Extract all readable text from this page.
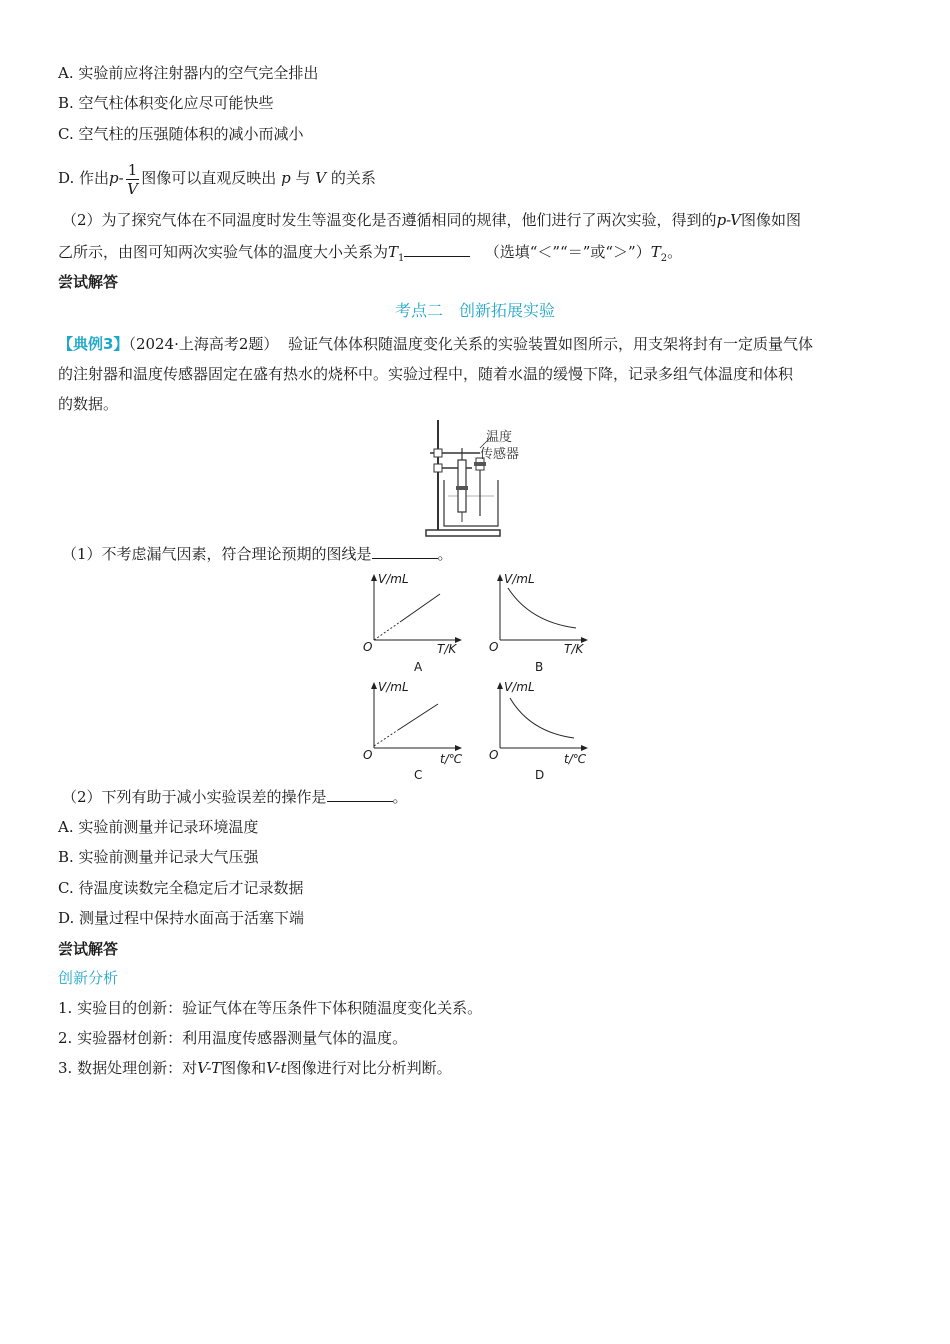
A. 实验前应将注射器内的空气完全排出
B. 空气柱体积变化应尽可能快些
C. 空气柱的压强随体积的减小而减小
D. 作出$p- \frac{1}{V}$ 图像可以直观反映出 p 与 V 的关系
（2）为了探究气体在不同温度时发生等温变化是否遵循相同的规律，他们进行了两次实验，得到的p-V图像如图
乙所示，由图可知两次实验气体的温度大小关系为$T_1$	（选填“＜”“＝”或“$>”)T_2$。
尝试解答
考点二　创新拓展实验
【典例3】（2024·上海高考2题） 验证气体体积随温度变化关系的实验装置如图所示，用支架将封有一定质量气体
的注射器和温度传感器固定在盛有热水的烧杯中。实验过程中，随着水温的缓慢下降，记录多组气体温度和体积
的数据。
温度
传感器
（1）不考虑漏气因素，符合理论预期的图线是	。
V/mL
O	T/K
A
V/mL
O	T/K
B
V/mL
O	t/℃
C
V/mL
O	t/℃
D
（2）下列有助于减小实验误差的操作是	。
A. 实验前测量并记录环境温度
B. 实验前测量并记录大气压强
C. 待温度读数完全稳定后才记录数据
D. 测量过程中保持水面高于活塞下端
尝试解答
创新分析
1. 实验目的创新：验证气体在等压条件下体积随温度变化关系。
2. 实验器材创新：利用温度传感器测量气体的温度。
3. 数据处理创新：对V-T图像和V-t图像进行对比分析判断。
